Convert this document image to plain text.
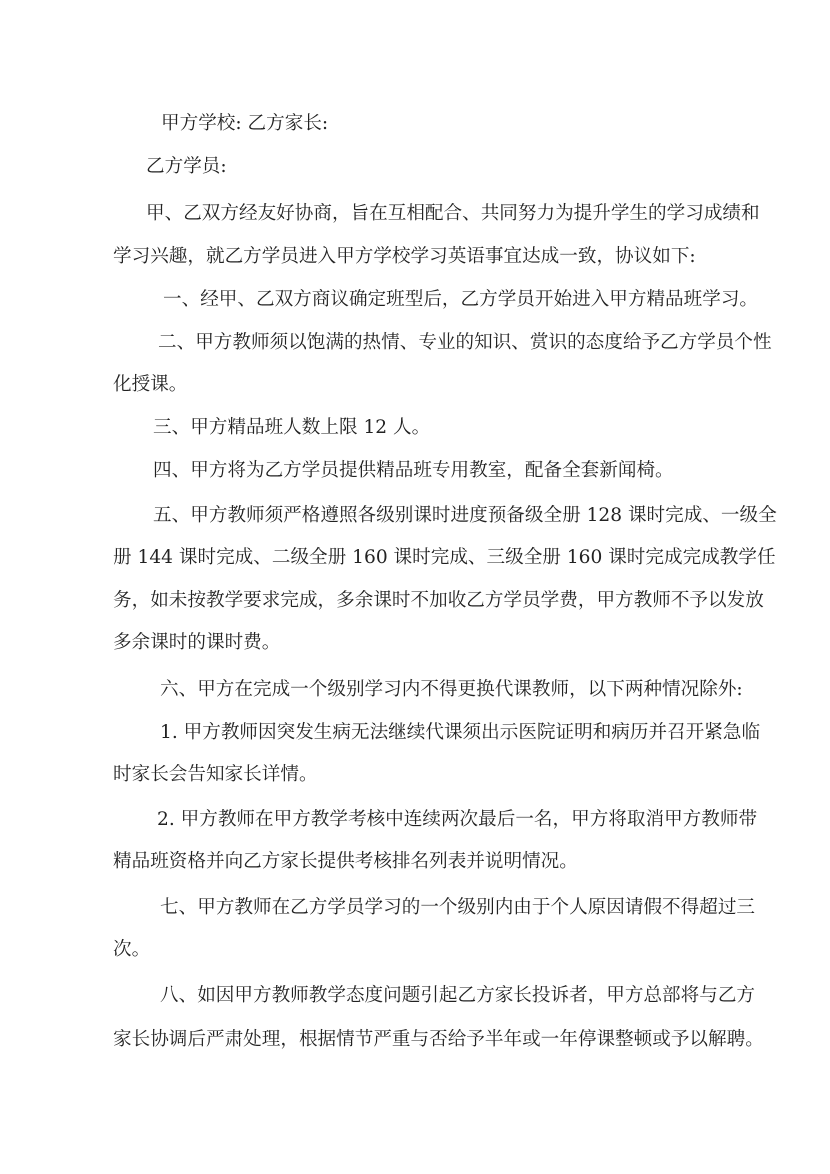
甲方学校: 乙方家长:
乙方学员:
甲、乙双方经友好协商，旨在互相配合、共同努力为提升学生的学习成绩和
学习兴趣，就乙方学员进入甲方学校学习英语事宜达成一致，协议如下:
一、经甲、乙双方商议确定班型后，乙方学员开始进入甲方精品班学习。
二、甲方教师须以饱满的热情、专业的知识、赏识的态度给予乙方学员个性
化授课。
三、甲方精品班人数上限 12 人。
四、甲方将为乙方学员提供精品班专用教室，配备全套新闻椅。
五、甲方教师须严格遵照各级别课时进度预备级全册 128 课时完成、一级全
册 144 课时完成、二级全册 160 课时完成、三级全册 160 课时完成完成教学任
务，如未按教学要求完成，多余课时不加收乙方学员学费，甲方教师不予以发放
多余课时的课时费。
六、甲方在完成一个级别学习内不得更换代课教师，以下两种情况除外:
1. 甲方教师因突发生病无法继续代课须出示医院证明和病历并召开紧急临
时家长会告知家长详情。
2. 甲方教师在甲方教学考核中连续两次最后一名，甲方将取消甲方教师带
精品班资格并向乙方家长提供考核排名列表并说明情况。
七、甲方教师在乙方学员学习的一个级别内由于个人原因请假不得超过三
次。
八、如因甲方教师教学态度问题引起乙方家长投诉者，甲方总部将与乙方
家长协调后严肃处理，根据情节严重与否给予半年或一年停课整顿或予以解聘。
